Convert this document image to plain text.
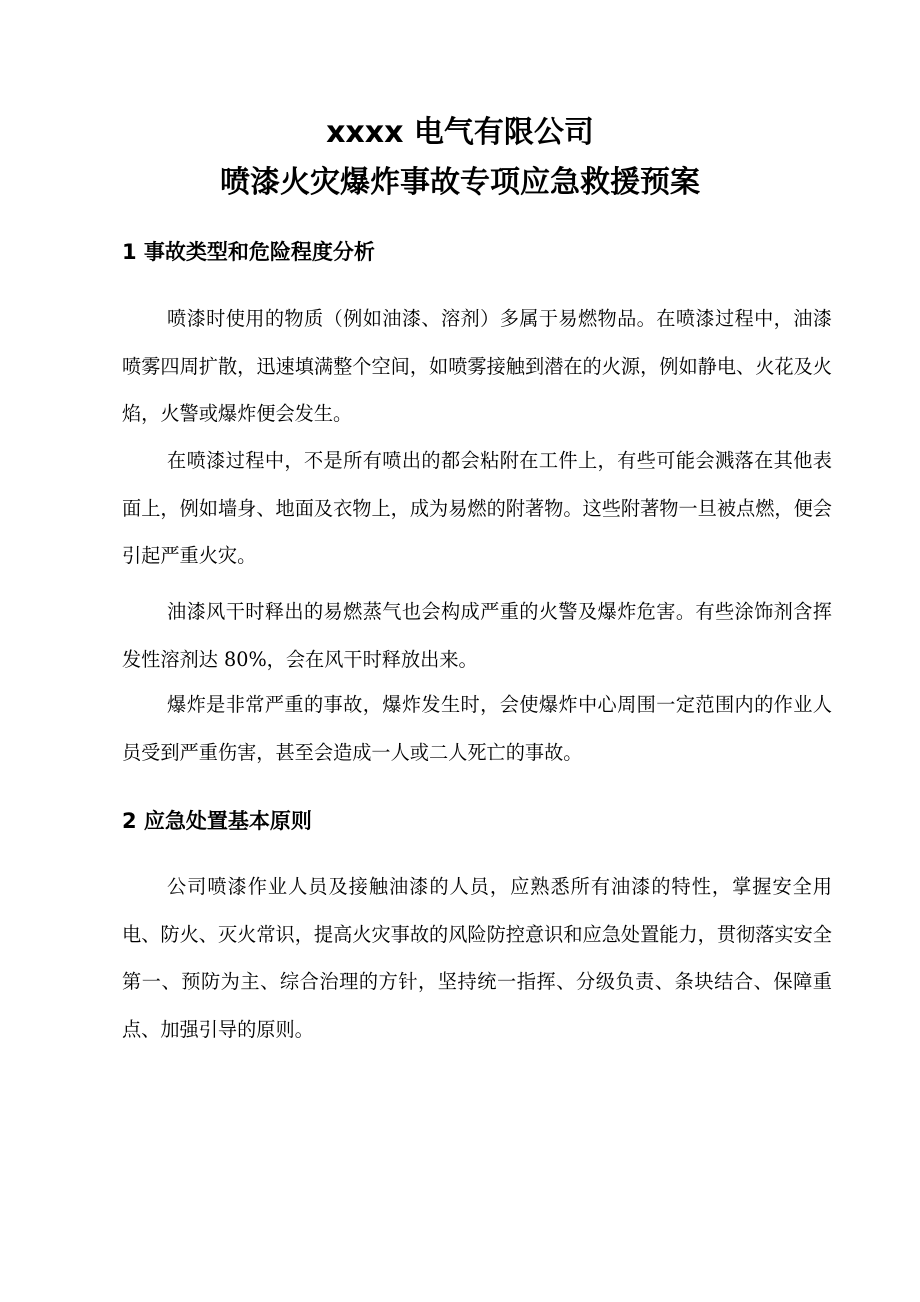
xxxx 电气有限公司
喷漆火灾爆炸事故专项应急救援预案
1 事故类型和危险程度分析
喷漆时使用的物质（例如油漆、溶剂）多属于易燃物品。在喷漆过程中，油漆喷雾四周扩散，迅速填满整个空间，如喷雾接触到潜在的火源，例如静电、火花及火焰，火警或爆炸便会发生。
在喷漆过程中，不是所有喷出的都会粘附在工件上，有些可能会溅落在其他表面上，例如墙身、地面及衣物上，成为易燃的附著物。这些附著物一旦被点燃，便会引起严重火灾。
油漆风干时释出的易燃蒸气也会构成严重的火警及爆炸危害。有些涂饰剂含挥发性溶剂达 80%，会在风干时释放出来。
爆炸是非常严重的事故，爆炸发生时，会使爆炸中心周围一定范围内的作业人员受到严重伤害，甚至会造成一人或二人死亡的事故。
2 应急处置基本原则
公司喷漆作业人员及接触油漆的人员，应熟悉所有油漆的特性，掌握安全用电、防火、灭火常识，提高火灾事故的风险防控意识和应急处置能力，贯彻落实安全第一、预防为主、综合治理的方针，坚持统一指挥、分级负责、条块结合、保障重点、加强引导的原则。
